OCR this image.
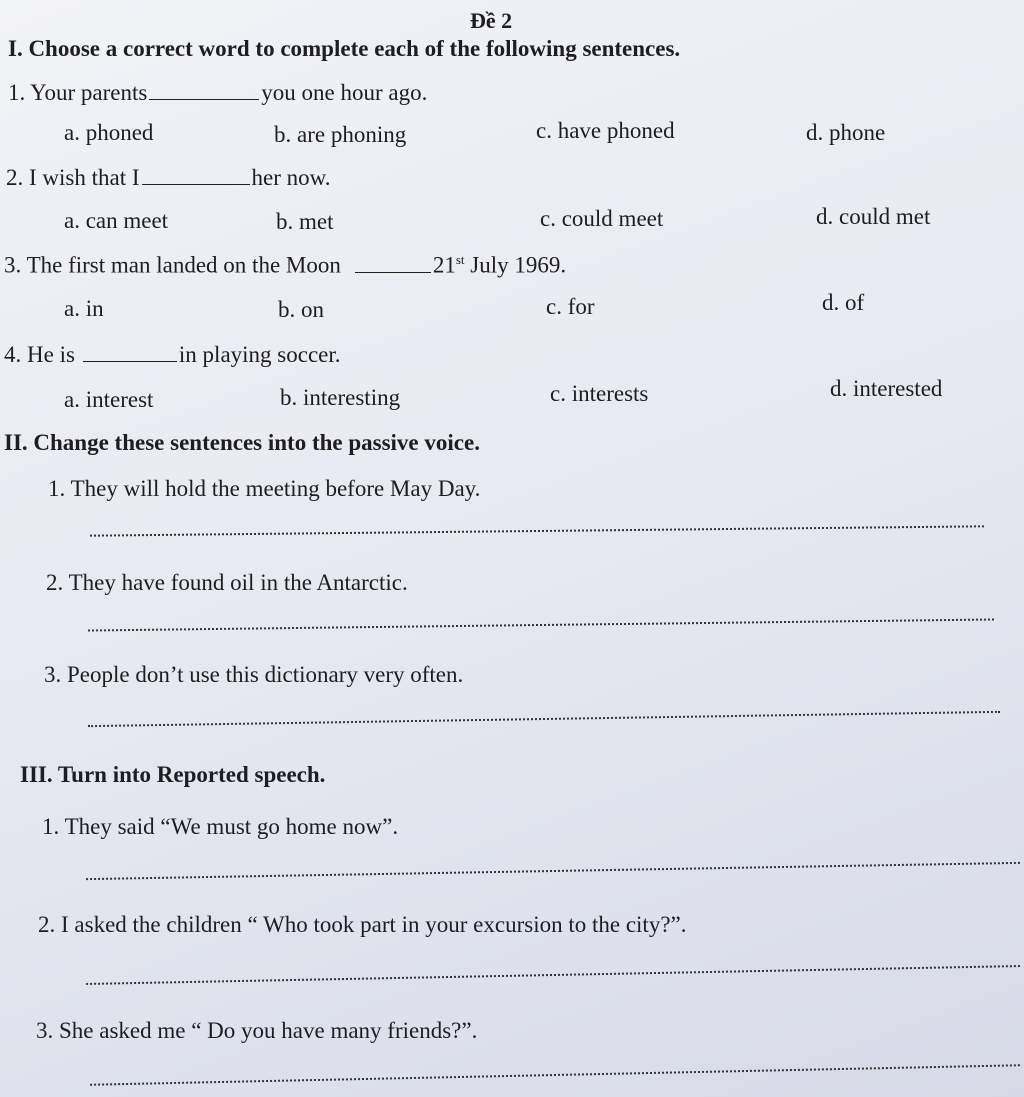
Đề 2
I. Choose a correct word to complete each of the following sentences.
1. Your parents	you one hour ago.
a. phoned	b. are phoning	c. have phoned	d. phone
2. I wish that I	her now.
a. can meet	b. met	c. could meet	d. could met
3. The first man landed on the Moon	21st July 1969.
a. in	b. on	c. for	d. of
4. He is	in playing soccer.
a. interest	b. interesting	c. interests	d. interested
II. Change these sentences into the passive voice.
1. They will hold the meeting before May Day.
2. They have found oil in the Antarctic.
3. People don’t use this dictionary very often.
III. Turn into Reported speech.
1. They said “We must go home now”.
2. I asked the children “ Who took part in your excursion to the city?”.
3. She asked me “ Do you have many friends?”.
